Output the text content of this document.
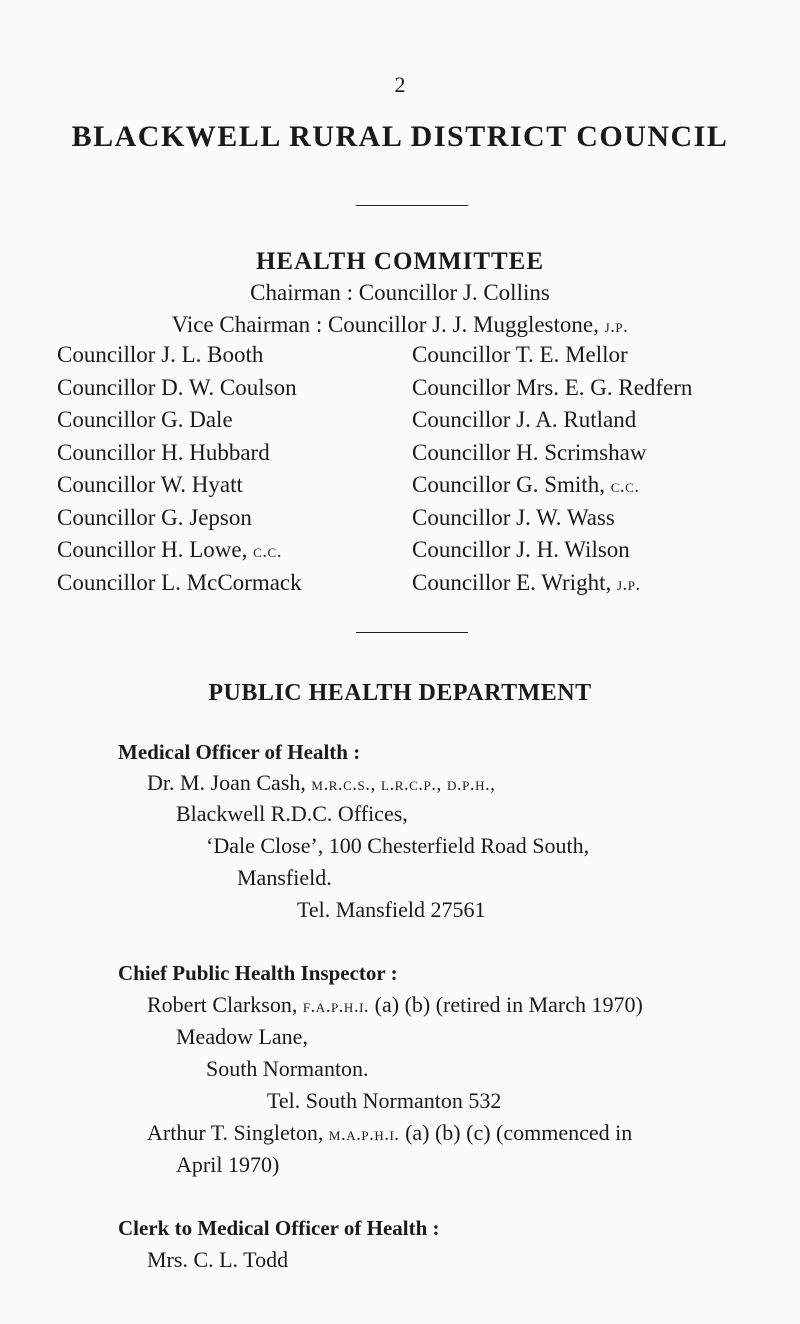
2
BLACKWELL RURAL DISTRICT COUNCIL
HEALTH COMMITTEE
Chairman : Councillor J. Collins
Vice Chairman : Councillor J. J. Mugglestone, j.p.
Councillor J. L. Booth
Councillor D. W. Coulson
Councillor G. Dale
Councillor H. Hubbard
Councillor W. Hyatt
Councillor G. Jepson
Councillor H. Lowe, c.c.
Councillor L. McCormack
Councillor T. E. Mellor
Councillor Mrs. E. G. Redfern
Councillor J. A. Rutland
Councillor H. Scrimshaw
Councillor G. Smith, c.c.
Councillor J. W. Wass
Councillor J. H. Wilson
Councillor E. Wright, j.p.
PUBLIC HEALTH DEPARTMENT
Medical Officer of Health :
Dr. M. Joan Cash, m.r.c.s., l.r.c.p., d.p.h.,
Blackwell R.D.C. Offices,
‘Dale Close’, 100 Chesterfield Road South,
Mansfield.
Tel. Mansfield 27561
Chief Public Health Inspector :
Robert Clarkson, f.a.p.h.i. (a) (b) (retired in March 1970)
Meadow Lane,
South Normanton.
Tel. South Normanton 532
Arthur T. Singleton, m.a.p.h.i. (a) (b) (c) (commenced in
April 1970)
Clerk to Medical Officer of Health :
Mrs. C. L. Todd
